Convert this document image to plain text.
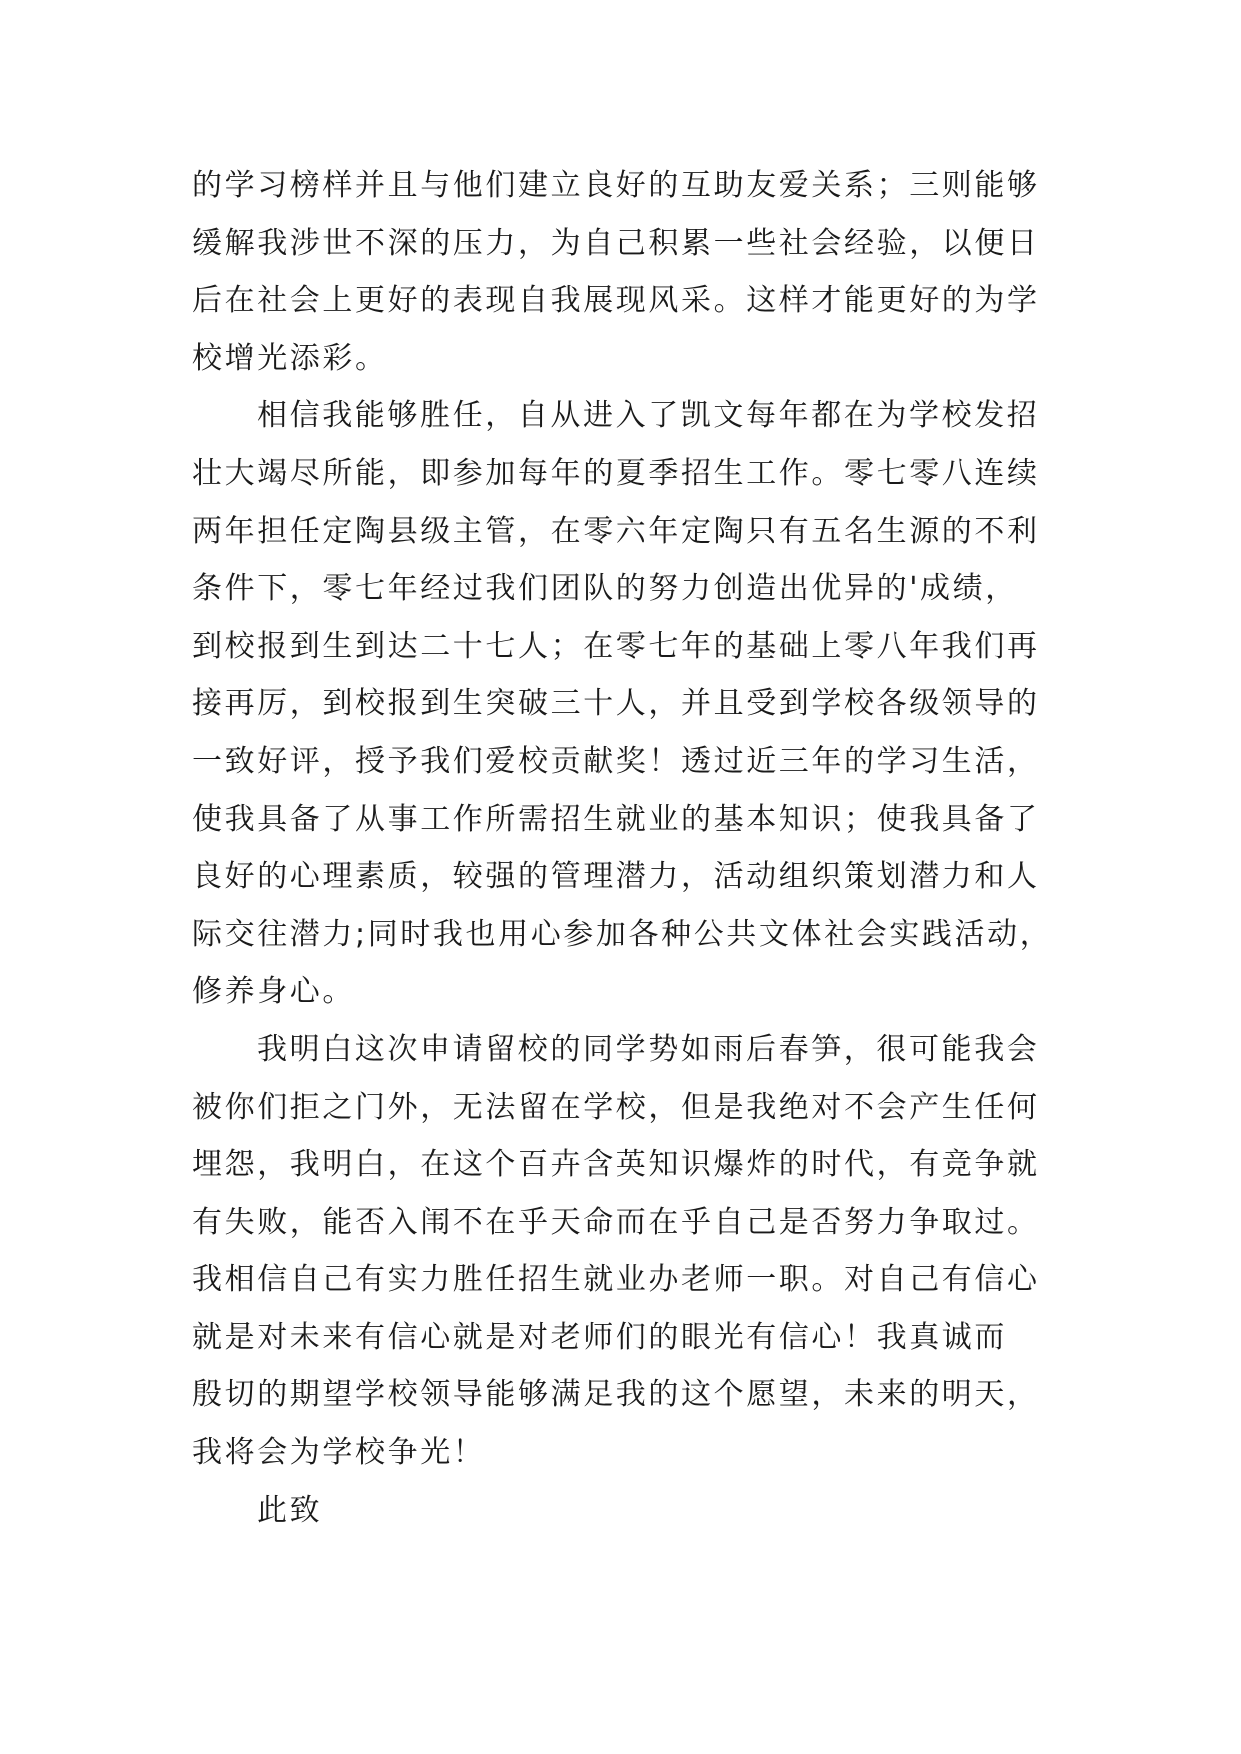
的学习榜样并且与他们建立良好的互助友爱关系；三则能够
缓解我涉世不深的压力，为自己积累一些社会经验，以便日
后在社会上更好的表现自我展现风采。这样才能更好的为学
校增光添彩。

相信我能够胜任，自从进入了凯文每年都在为学校发招
壮大竭尽所能，即参加每年的夏季招生工作。零七零八连续
两年担任定陶县级主管，在零六年定陶只有五名生源的不利
条件下，零七年经过我们团队的努力创造出优异的'成绩，
到校报到生到达二十七人；在零七年的基础上零八年我们再
接再厉，到校报到生突破三十人，并且受到学校各级领导的
一致好评，授予我们爱校贡献奖！透过近三年的学习生活，
使我具备了从事工作所需招生就业的基本知识；使我具备了
良好的心理素质，较强的管理潜力，活动组织策划潜力和人
际交往潜力;同时我也用心参加各种公共文体社会实践活动，
修养身心。

我明白这次申请留校的同学势如雨后春笋，很可能我会
被你们拒之门外，无法留在学校，但是我绝对不会产生任何
埋怨，我明白，在这个百卉含英知识爆炸的时代，有竞争就
有失败，能否入闱不在乎天命而在乎自己是否努力争取过。
我相信自己有实力胜任招生就业办老师一职。对自己有信心
就是对未来有信心就是对老师们的眼光有信心！我真诚而
殷切的期望学校领导能够满足我的这个愿望，未来的明天，
我将会为学校争光！

此致
